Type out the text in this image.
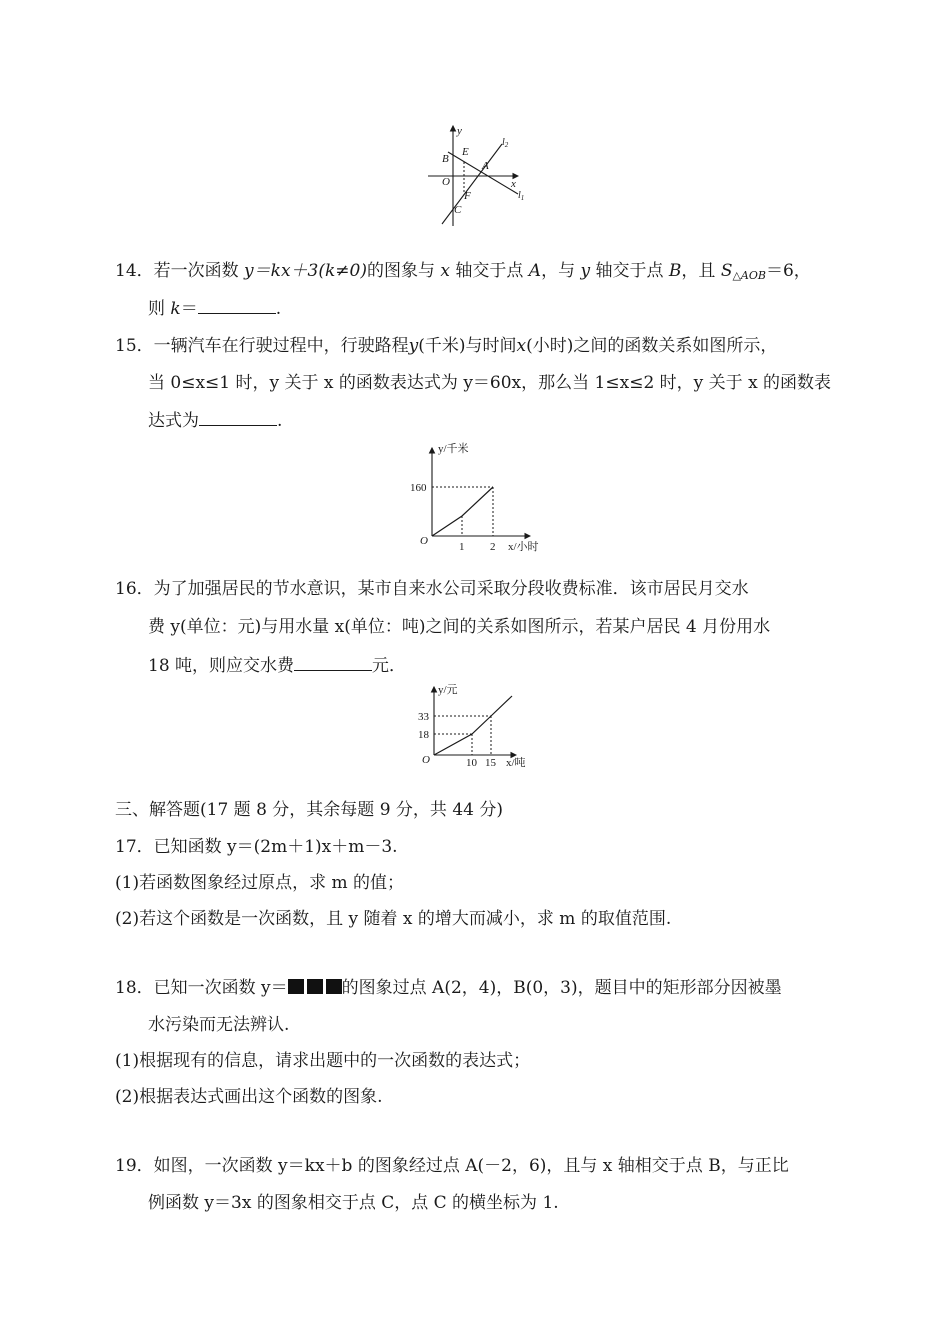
y
x
O
B
E
A
F
C
$l_2$
$l_1$
14．若一次函数 y＝kx＋3(k≠0)的图象与 x 轴交于点 A，与 y 轴交于点 B，且 $S_{\triangle AOB}=6$，
则 k＝	.
15．一辆汽车在行驶过程中，行驶路程y(千米)与时间x(小时)之间的函数关系如图所示，
当 0≤x≤1 时，y 关于 x 的函数表达式为 y＝60x，那么当 1≤x≤2 时，y 关于 x 的函数表
达式为	.
y/千米
x/小时
O
160
1 2
16．为了加强居民的节水意识，某市自来水公司采取分段收费标准．该市居民月交水
费 y(单位：元)与用水量 x(单位：吨)之间的关系如图所示，若某户居民 4 月份用水
18 吨，则应交水费	元．
y/元
x/吨
O
33
18
10 15
三、解答题(17 题 8 分，其余每题 9 分，共 44 分)
17．已知函数 y＝(2m＋1)x＋m－3.
(1)若函数图象经过原点，求 m 的值；
(2)若这个函数是一次函数，且 y 随着 x 的增大而减小，求 m 的取值范围.
18．已知一次函数 y＝	的图象过点 A(2，4)，B(0，3)，题目中的矩形部分因被墨
水污染而无法辨认.
(1)根据现有的信息，请求出题中的一次函数的表达式；
(2)根据表达式画出这个函数的图象.
19．如图，一次函数 y＝kx＋b 的图象经过点 A(－2，6)，且与 x 轴相交于点 B，与正比
例函数 y＝3x 的图象相交于点 C，点 C 的横坐标为 1.
